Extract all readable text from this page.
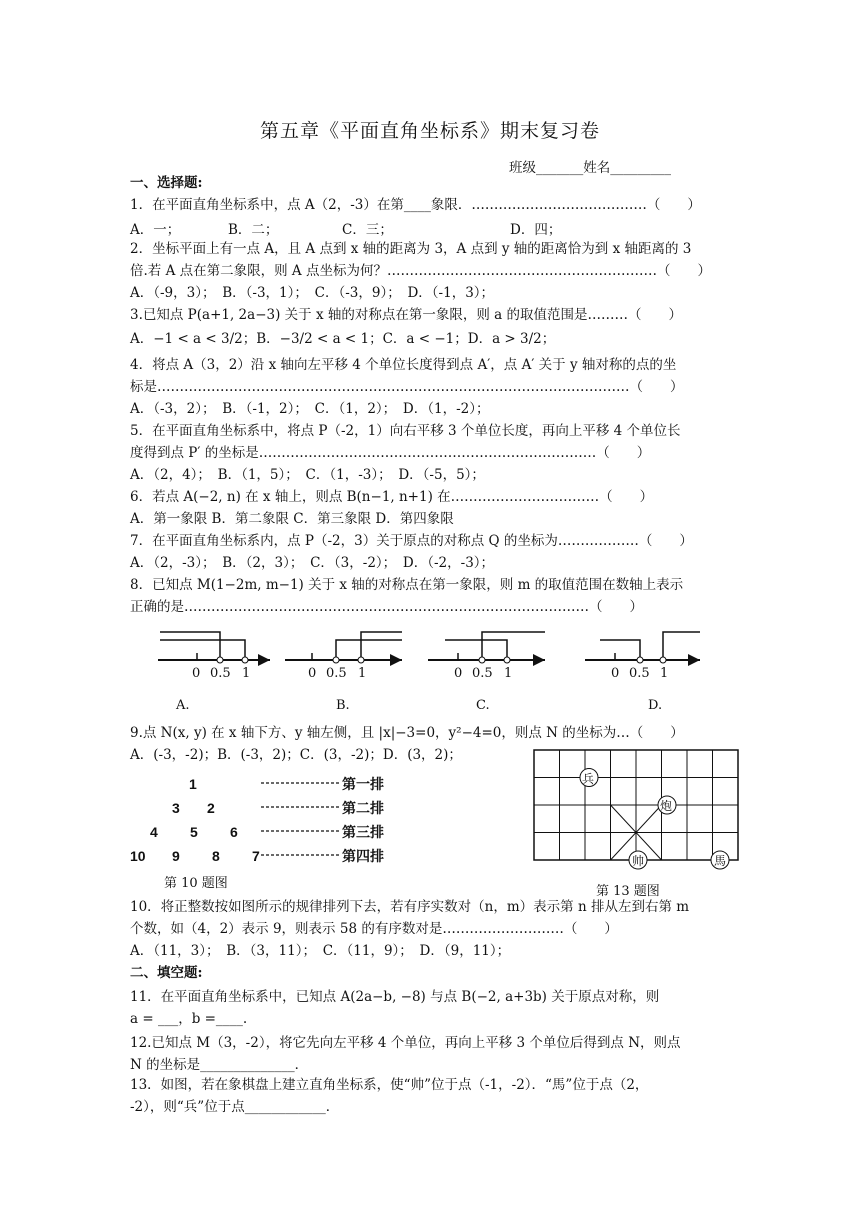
第五章《平面直角坐标系》期末复习卷
班级_______姓名_________
一、选择题:
1．在平面直角坐标系中，点 A（2，-3）在第____象限．…………………………………（　　）
A．一；	B．二；	C．三；	D．四；
2．坐标平面上有一点 A，且 A 点到 x 轴的距离为 3，A 点到 y 轴的距离恰为到 x 轴距离的 3
倍.若 A 点在第二象限，则 A 点坐标为何？……………………………………………………（　　）
A．（-9，3）；　B．（-3，1）；　C．（-3，9）；　D．（-1，3）；
3.已知点 P(a+1, 2a−3) 关于 x 轴的对称点在第一象限，则 a 的取值范围是………（　　）
A．−1 < a < 3/2；B．−3/2 < a < 1；C．a < −1；D．a > 3/2；
4．将点 A（3，2）沿 x 轴向左平移 4 个单位长度得到点 A′，点 A′ 关于 y 轴对称的点的坐
标是……………………………………………………………………………………………（　　）
A．（-3，2）；　B．（-1，2）；　C．（1，2）；　D．（1，-2）；
5．在平面直角坐标系中，将点 P（-2，1）向右平移 3 个单位长度，再向上平移 4 个单位长
度得到点 P′ 的坐标是…………………………………………………………………（　　）
A．（2，4）；　B．（1，5）；　C．（1，-3）；　D．（-5，5）；
6．若点 A(−2, n) 在 x 轴上，则点 B(n−1, n+1) 在……………………………（　　）
A．第一象限 B．第二象限 C．第三象限 D．第四象限
7．在平面直角坐标系内，点 P（-2，3）关于原点的对称点 Q 的坐标为………………（　　）
A．（2，-3）；　B．（2，3）；　C．（3，-2）；　D．（-2，-3）；
8．已知点 M(1−2m, m−1) 关于 x 轴的对称点在第一象限，则 m 的取值范围在数轴上表示
正确的是………………………………………………………………………………（　　）
0 0.5 1	0 0.5 1	0 0.5 1	0 0.5 1
A.	B.	C.	D.
9.点 N(x, y) 在 x 轴下方、y 轴左侧，且 |x|−3=0，y²−4=0，则点 N 的坐标为…（　　）
A．(-3，-2)；B．(-3，2)；C．(3，-2)；D．(3，2)；
1
3 2
4 5 6
10 9 8 7
第一排
第二排
第三排
第四排
第 10 题图
兵
炮
帅	馬
第 13 题图
10．将正整数按如图所示的规律排列下去，若有序实数对（n，m）表示第 n 排从左到右第 m
个数，如（4，2）表示 9，则表示 58 的有序数对是………………………（　　）
A．（11，3）；　B．（3，11）；　C．（11，9）；　D．（9，11）；
二、填空题:
11．在平面直角坐标系中，已知点 A(2a−b, −8) 与点 B(−2, a+3b) 关于原点对称，则
a = ___，b =____.
12.已知点 M（3，-2），将它先向左平移 4 个单位，再向上平移 3 个单位后得到点 N，则点
N 的坐标是______________．
13．如图，若在象棋盘上建立直角坐标系，使“帅”位于点（-1，-2）．“馬”位于点（2，
-2），则“兵”位于点____________．
